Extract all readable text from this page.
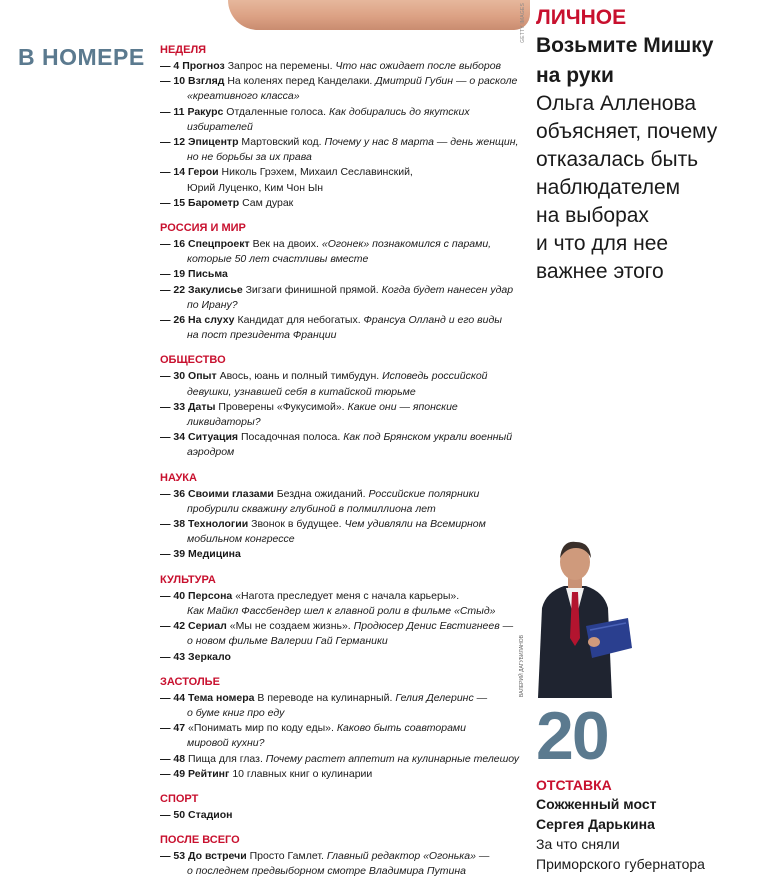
GETTY IMAGES
В НОМЕРЕ НЕДЕЛЯ
— 4 Прогноз Запрос на перемены. Что нас ожидает после выборов
— 10 Взгляд На коленях перед Канделаки. Дмитрий Губин — о расколе
«креативного класса»
— 11 Ракурс Отдаленные голоса. Как добирались до якутских
избирателей
— 12 Эпицентр Мартовский код. Почему у нас 8 марта — день женщин,
но не борьбы за их права
— 14 Герои Николь Грэхем, Михаил Сеславинский,
Юрий Луценко, Ким Чон Ын
— 15 Барометр Сам дурак
РОССИЯ И МИР
— 16 Спецпроект Век на двоих. «Огонек» познакомился с парами,
которые 50 лет счастливы вместе
— 19 Письма
— 22 Закулисье Зигзаги финишной прямой. Когда будет нанесен удар
по Ирану?
— 26 На слуху Кандидат для небогатых. Франсуа Олланд и его виды
на пост президента Франции
ОБЩЕСТВО
— 30 Опыт Авось, юань и полный тимбудун. Исповедь российской
девушки, узнавшей себя в китайской тюрьме
— 33 Даты Проверены «Фукусимой». Какие они — японские
ликвидаторы?
— 34 Ситуация Посадочная полоса. Как под Брянском украли военный
аэродром
НАУКА
— 36 Своими глазами Бездна ожиданий. Российские полярники
пробурили скважину глубиной в полмиллиона лет
— 38 Технологии Звонок в будущее. Чем удивляли на Всемирном
мобильном конгрессе
— 39 Медицина
КУЛЬТУРА
— 40 Персона «Нагота преследует меня с начала карьеры».
Как Майкл Фассбендер шел к главной роли в фильме «Стыд»
— 42 Сериал «Мы не создаем жизнь». Продюсер Денис Евстигнеев —
о новом фильме Валерии Гай Германики
— 43 Зеркало
ЗАСТОЛЬЕ
— 44 Тема номера В переводе на кулинарный. Гелия Делеринс —
о буме книг про еду
— 47 «Понимать мир по коду еды». Каково быть соавторами
мировой кухни?
— 48 Пища для глаз. Почему растет аппетит на кулинарные телешоу
— 49 Рейтинг 10 главных книг о кулинарии
СПОРТ
— 50 Стадион
ПОСЛЕ ВСЕГО
— 53 До встречи Просто Гамлет. Главный редактор «Огонька» —
о последнем предвыборном смотре Владимира Путина
ЛИЧНОЕ
Возьмите Мишку
на руки
Ольга Алленова
объясняет, почему
отказалась быть
наблюдателем
на выборах
и что для нее
важнее этого
ВАЛЕРИЙ ДАГУБИЛАНОВ
20
ОТСТАВКА
Сожженный мост
Сергея Дарькина
За что сняли
Приморского губернатора
